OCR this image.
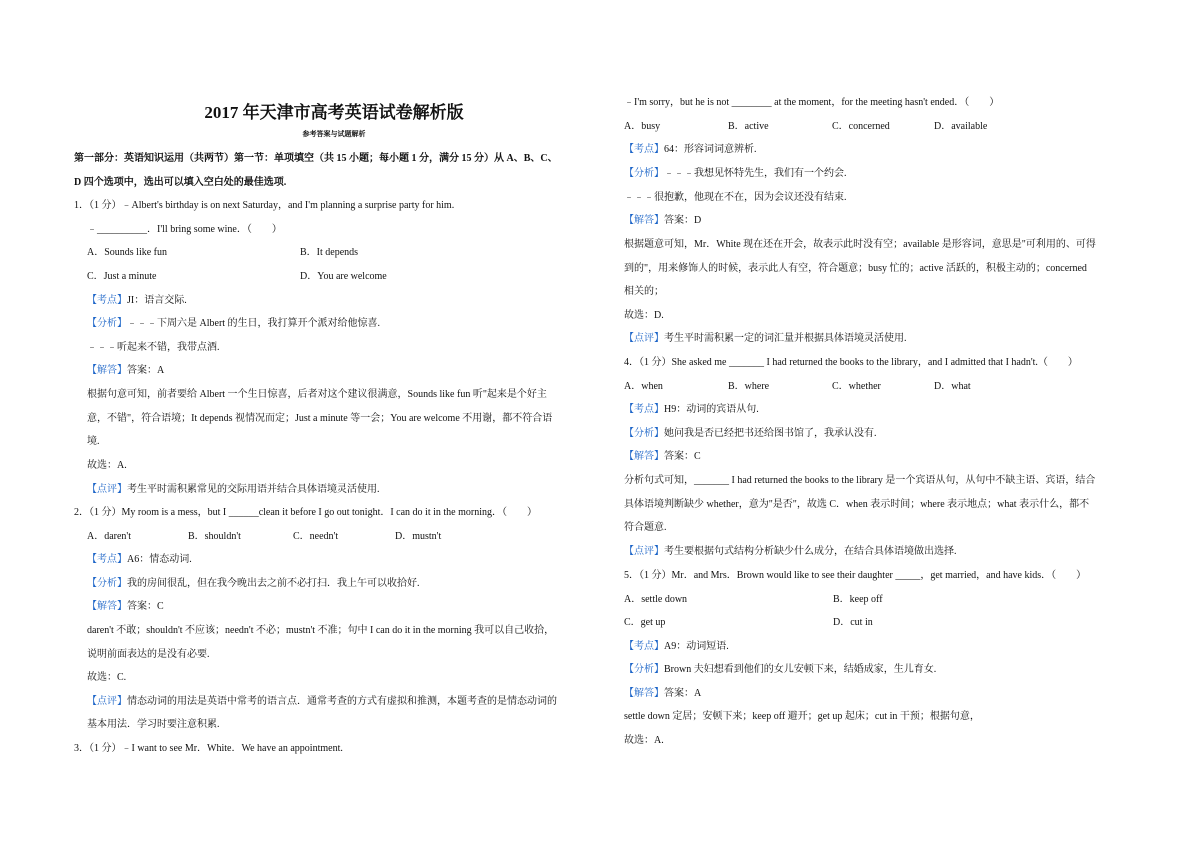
2017 年天津市高考英语试卷解析版
参考答案与试题解析
第一部分：英语知识运用（共两节）第一节：单项填空（共 15 小题；每小题 1 分，满分 15 分）从 A、B、C、
D 四个选项中，选出可以填入空白处的最佳选项.
1．（1 分）﹣Albert's birthday is on next Saturday，and I'm planning a surprise party for him.
﹣__________．I'll bring some wine．（　　）
A．Sounds like fun	B．It depends
C．Just a minute	D．You are welcome
【考点】JI：语言交际.
【分析】﹣﹣﹣下周六是 Albert 的生日，我打算开个派对给他惊喜.
﹣﹣﹣听起来不错，我带点酒.
【解答】答案：A
根据句意可知，前者要给 Albert 一个生日惊喜，后者对这个建议很满意，Sounds like fun 听"起来是个好主
意，不错"，符合语境；It depends 视情况而定；Just a minute 等一会；You are welcome 不用谢，都不符合语
境.
故选：A.
【点评】考生平时需积累常见的交际用语并结合具体语境灵活使用.
2．（1 分）My room is a mess，but I ______clean it before I go out tonight．I can do it in the morning．（　　）
A．daren't	B．shouldn't	C．needn't	D．mustn't
【考点】A6：情态动词.
【分析】我的房间很乱，但在我今晚出去之前不必打扫．我上午可以收拾好.
【解答】答案：C
daren't 不敢；shouldn't 不应该；needn't 不必；mustn't 不准；句中 I can do it in the morning 我可以自己收拾，
说明前面表达的是没有必要.
故选：C.
【点评】情态动词的用法是英语中常考的语言点．通常考查的方式有虚拟和推测，本题考查的是情态动词的
基本用法．学习时要注意积累.
3．（1 分）﹣I want to see Mr．White．We have an appointment.
﹣I'm sorry，but he is not ________ at the moment，for the meeting hasn't ended．（　　）
A．busy	B．active	C．concerned	D．available
【考点】64：形容词词意辨析.
【分析】﹣﹣﹣我想见怀特先生，我们有一个约会.
﹣﹣﹣很抱歉，他现在不在，因为会议还没有结束.
【解答】答案：D
根据题意可知，Mr．White 现在还在开会，故表示此时没有空；available 是形容词，意思是"可利用的、可得
到的"，用来修饰人的时候，表示此人有空，符合题意；busy 忙的；active 活跃的，积极主动的；concerned
相关的；
故选：D.
【点评】考生平时需积累一定的词汇量并根据具体语境灵活使用.
4．（1 分）She asked me _______ I had returned the books to the library，and I admitted that I hadn't.（　　）
A．when	B．where	C．whether	D．what
【考点】H9：动词的宾语从句.
【分析】她问我是否已经把书还给图书馆了，我承认没有.
【解答】答案：C
分析句式可知，_______ I had returned the books to the library 是一个宾语从句，从句中不缺主语、宾语，结合
具体语境判断缺少 whether，意为"是否"，故选 C．when 表示时间；where 表示地点；what 表示什么，都不
符合题意.
【点评】考生要根据句式结构分析缺少什么成分，在结合具体语境做出选择.
5．（1 分）Mr．and Mrs．Brown would like to see their daughter _____，get married，and have kids．（　　）
A．settle down	B．keep off
C．get up	D．cut in
【考点】A9：动词短语.
【分析】Brown 夫妇想看到他们的女儿安顿下来，结婚成家，生儿育女.
【解答】答案：A
settle down 定居；安顿下来；keep off 避开；get up 起床；cut in 干预；根据句意，
故选：A.
